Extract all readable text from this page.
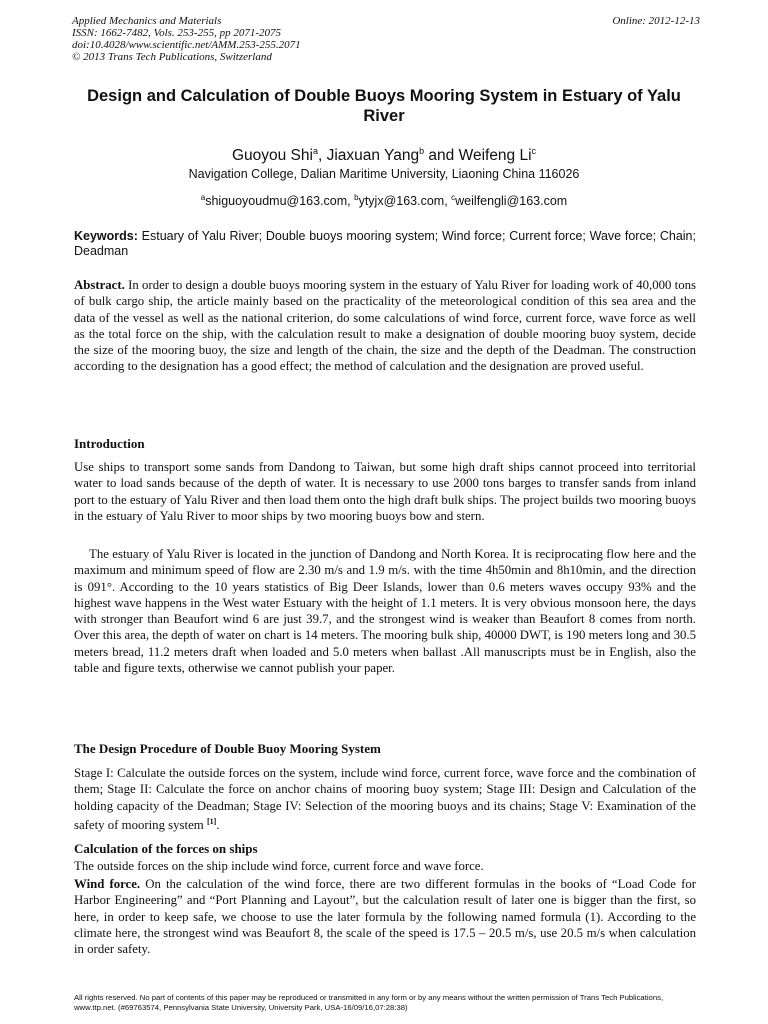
Applied Mechanics and Materials	Online: 2012-12-13
ISSN: 1662-7482, Vols. 253-255, pp 2071-2075
doi:10.4028/www.scientific.net/AMM.253-255.2071
© 2013 Trans Tech Publications, Switzerland
Design and Calculation of Double Buoys Mooring System in Estuary of Yalu River
Guoyou Shi$^a$, Jiaxuan Yang$^b$ and Weifeng Li$^c$
Navigation College, Dalian Maritime University, Liaoning China 116026
$^a$shiguoyoudmu@163.com, $^b$ytyjx@163.com, $^c$weilfengli@163.com
Keywords: Estuary of Yalu River; Double buoys mooring system; Wind force; Current force; Wave force; Chain; Deadman
Abstract. In order to design a double buoys mooring system in the estuary of Yalu River for loading work of 40,000 tons of bulk cargo ship, the article mainly based on the practicality of the meteorological condition of this sea area and the data of the vessel as well as the national criterion, do some calculations of wind force, current force, wave force as well as the total force on the ship, with the calculation result to make a designation of double mooring buoy system, decide the size of the mooring buoy, the size and length of the chain, the size and the depth of the Deadman. The construction according to the designation has a good effect; the method of calculation and the designation are proved useful.
Introduction
Use ships to transport some sands from Dandong to Taiwan, but some high draft ships cannot proceed into territorial water to load sands because of the depth of water. It is necessary to use 2000 tons barges to transfer sands from inland port to the estuary of Yalu River and then load them onto the high draft bulk ships. The project builds two mooring buoys in the estuary of Yalu River to moor ships by two mooring buoys bow and stern.
The estuary of Yalu River is located in the junction of Dandong and North Korea. It is reciprocating flow here and the maximum and minimum speed of flow are 2.30 m/s and 1.9 m/s. with the time 4h50min and 8h10min, and the direction is 091°. According to the 10 years statistics of Big Deer Islands, lower than 0.6 meters waves occupy 93% and the highest wave happens in the West water Estuary with the height of 1.1 meters. It is very obvious monsoon here, the days with stronger than Beaufort wind 6 are just 39.7, and the strongest wind is weaker than Beaufort 8 comes from north. Over this area, the depth of water on chart is 14 meters. The mooring bulk ship, 40000 DWT, is 190 meters long and 30.5 meters bread, 11.2 meters draft when loaded and 5.0 meters when ballast .All manuscripts must be in English, also the table and figure texts, otherwise we cannot publish your paper.
The Design Procedure of Double Buoy Mooring System
Stage I: Calculate the outside forces on the system, include wind force, current force, wave force and the combination of them; Stage II: Calculate the force on anchor chains of mooring buoy system; Stage III: Design and Calculation of the holding capacity of the Deadman; Stage IV: Selection of the mooring buoys and its chains; Stage V: Examination of the safety of mooring system [1].
Calculation of the forces on ships
The outside forces on the ship include wind force, current force and wave force.
Wind force. On the calculation of the wind force, there are two different formulas in the books of “Load Code for Harbor Engineering” and “Port Planning and Layout”, but the calculation result of later one is bigger than the first, so here, in order to keep safe, we choose to use the later formula by the following named formula (1). According to the climate here, the strongest wind was Beaufort 8, the scale of the speed is 17.5 – 20.5 m/s, use 20.5 m/s when calculation in order safety.
All rights reserved. No part of contents of this paper may be reproduced or transmitted in any form or by any means without the written permission of Trans Tech Publications, www.ttp.net. (#69763574, Pennsylvania State University, University Park, USA-16/09/16,07:28:38)
